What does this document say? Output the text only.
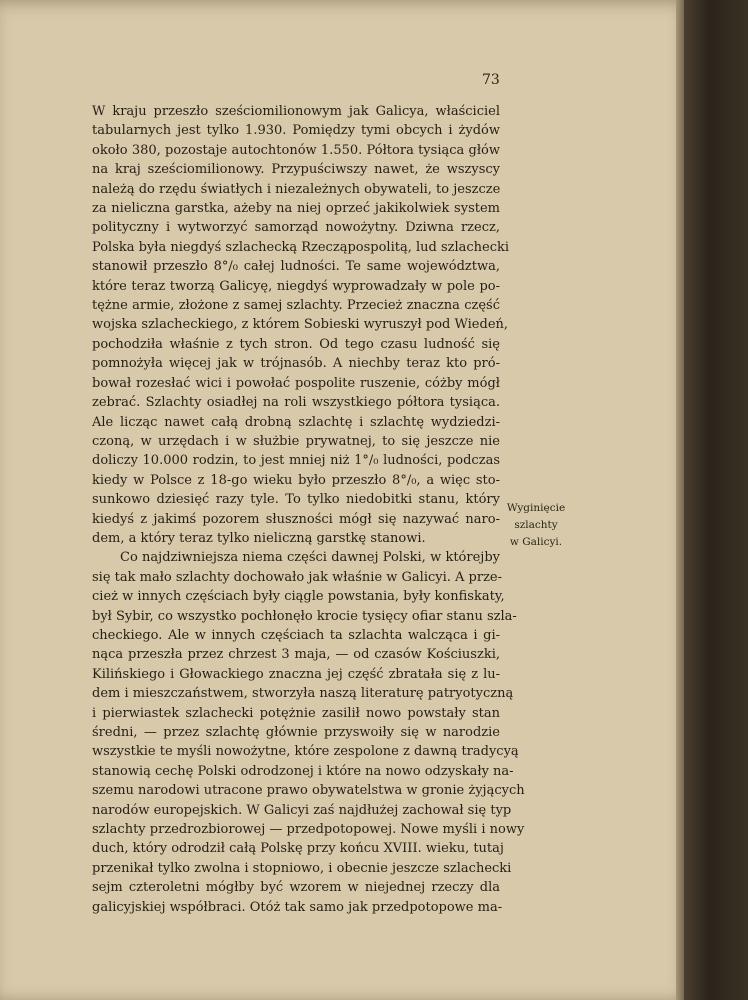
73

W kraju przeszło sześciomilionowym jak Galicya, właściciel
tabularnych jest tylko 1.930. Pomiędzy tymi obcych i żydów
około 380, pozostaje autochtonów 1.550. Półtora tysiąca głów
na kraj sześciomilionowy. Przypuściwszy nawet, że wszyscy
należą do rzędu światłych i niezależnych obywateli, to jeszcze
za nieliczna garstka, ażeby na niej oprzeć jakikolwiek system
polityczny i wytworzyć samorząd nowożytny. Dziwna rzecz,
Polska była niegdyś szlachecką Rzecząpospolitą, lud szlachecki
stanowił przeszło 8°/₀ całej ludności. Te same województwa,
które teraz tworzą Galicyę, niegdyś wyprowadzały w pole po-
tężne armie, złożone z samej szlachty. Przecież znaczna część
wojska szlacheckiego, z którem Sobieski wyruszył pod Wiedeń,
pochodziła właśnie z tych stron. Od tego czasu ludność się
pomnożyła więcej jak w trójnasób. A niechby teraz kto pró-
bował rozesłać wici i powołać pospolite ruszenie, cóżby mógł
zebrać. Szlachty osiadłej na roli wszystkiego półtora tysiąca.
Ale licząc nawet całą drobną szlachtę i szlachtę wydziedzi-
czoną, w urzędach i w służbie prywatnej, to się jeszcze nie
doliczy 10.000 rodzin, to jest mniej niż 1°/₀ ludności, podczas
kiedy w Polsce z 18-go wieku było przeszło 8°/₀, a więc sto-
sunkowo dziesięć razy tyle. To tylko niedobitki stanu, który
kiedyś z jakimś pozorem słuszności mógł się nazywać naro-
dem, a który teraz tylko nieliczną garstkę stanowi.

Co najdziwniejsza niema części dawnej Polski, w którejby
się tak mało szlachty dochowało jak właśnie w Galicyi. A prze-
cież w innych częściach były ciągle powstania, były konfiskaty,
był Sybir, co wszystko pochłonęło krocie tysięcy ofiar stanu szla-
checkiego. Ale w innych częściach ta szlachta walcząca i gi-
nąca przeszła przez chrzest 3 maja, — od czasów Kościuszki,
Kilińskiego i Głowackiego znaczna jej część zbratała się z lu-
dem i mieszczaństwem, stworzyła naszą literaturę patryotyczną
i pierwiastek szlachecki potężnie zasilił nowo powstały stan
średni, — przez szlachtę głównie przyswoiły się w narodzie
wszystkie te myśli nowożytne, które zespolone z dawną tradycyą
stanowią cechę Polski odrodzonej i które na nowo odzyskały na-
szemu narodowi utracone prawo obywatelstwa w gronie żyjących
narodów europejskich. W Galicyi zaś najdłużej zachował się typ
szlachty przedrozbiorowej — przedpotopowej. Nowe myśli i nowy
duch, który odrodził całą Polskę przy końcu XVIII. wieku, tutaj
przenikał tylko zwolna i stopniowo, i obecnie jeszcze szlachecki
sejm czteroletni mógłby być wzorem w niejednej rzeczy dla
galicyjskiej współbraci. Otóż tak samo jak przedpotopowe ma-

Wyginięcie
szlachty
w Galicyi.
